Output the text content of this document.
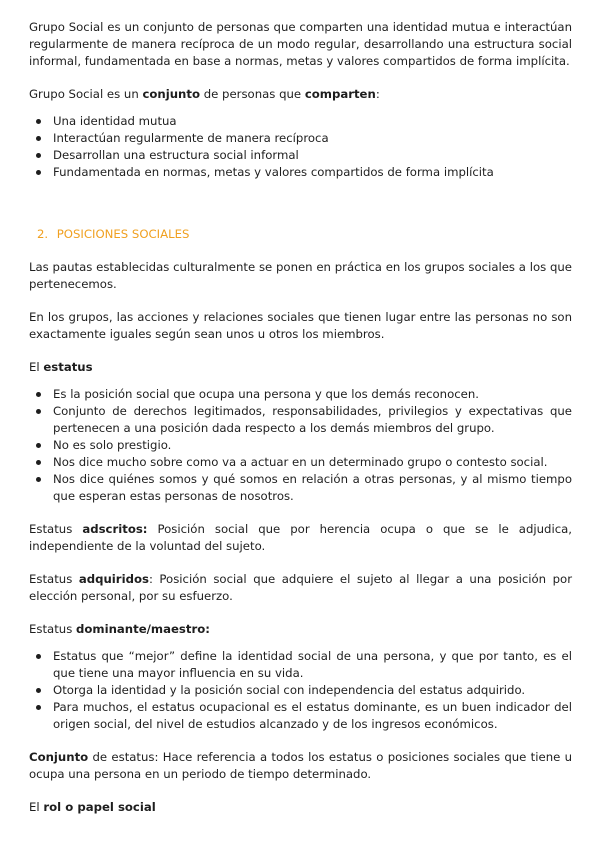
Grupo Social es un conjunto de personas que comparten una identidad mutua e interactúan regularmente de manera recíproca de un modo regular, desarrollando una estructura social informal, fundamentada en base a normas, metas y valores compartidos de forma implícita.

Grupo Social es un conjunto de personas que comparten:

Una identidad mutua
Interactúan regularmente de manera recíproca
Desarrollan una estructura social informal
Fundamentada en normas, metas y valores compartidos de forma implícita

2. POSICIONES SOCIALES

Las pautas establecidas culturalmente se ponen en práctica en los grupos sociales a los que pertenecemos.

En los grupos, las acciones y relaciones sociales que tienen lugar entre las personas no son exactamente iguales según sean unos u otros los miembros.

El estatus

Es la posición social que ocupa una persona y que los demás reconocen.
Conjunto de derechos legitimados, responsabilidades, privilegios y expectativas que pertenecen a una posición dada respecto a los demás miembros del grupo.
No es solo prestigio.
Nos dice mucho sobre como va a actuar en un determinado grupo o contesto social.
Nos dice quiénes somos y qué somos en relación a otras personas, y al mismo tiempo que esperan estas personas de nosotros.

Estatus adscritos: Posición social que por herencia ocupa o que se le adjudica, independiente de la voluntad del sujeto.

Estatus adquiridos: Posición social que adquiere el sujeto al llegar a una posición por elección personal, por su esfuerzo.

Estatus dominante/maestro:

Estatus que “mejor” define la identidad social de una persona, y que por tanto, es el que tiene una mayor influencia en su vida.
Otorga la identidad y la posición social con independencia del estatus adquirido.
Para muchos, el estatus ocupacional es el estatus dominante, es un buen indicador del origen social, del nivel de estudios alcanzado y de los ingresos económicos.

Conjunto de estatus: Hace referencia a todos los estatus o posiciones sociales que tiene u ocupa una persona en un periodo de tiempo determinado.

El rol o papel social
